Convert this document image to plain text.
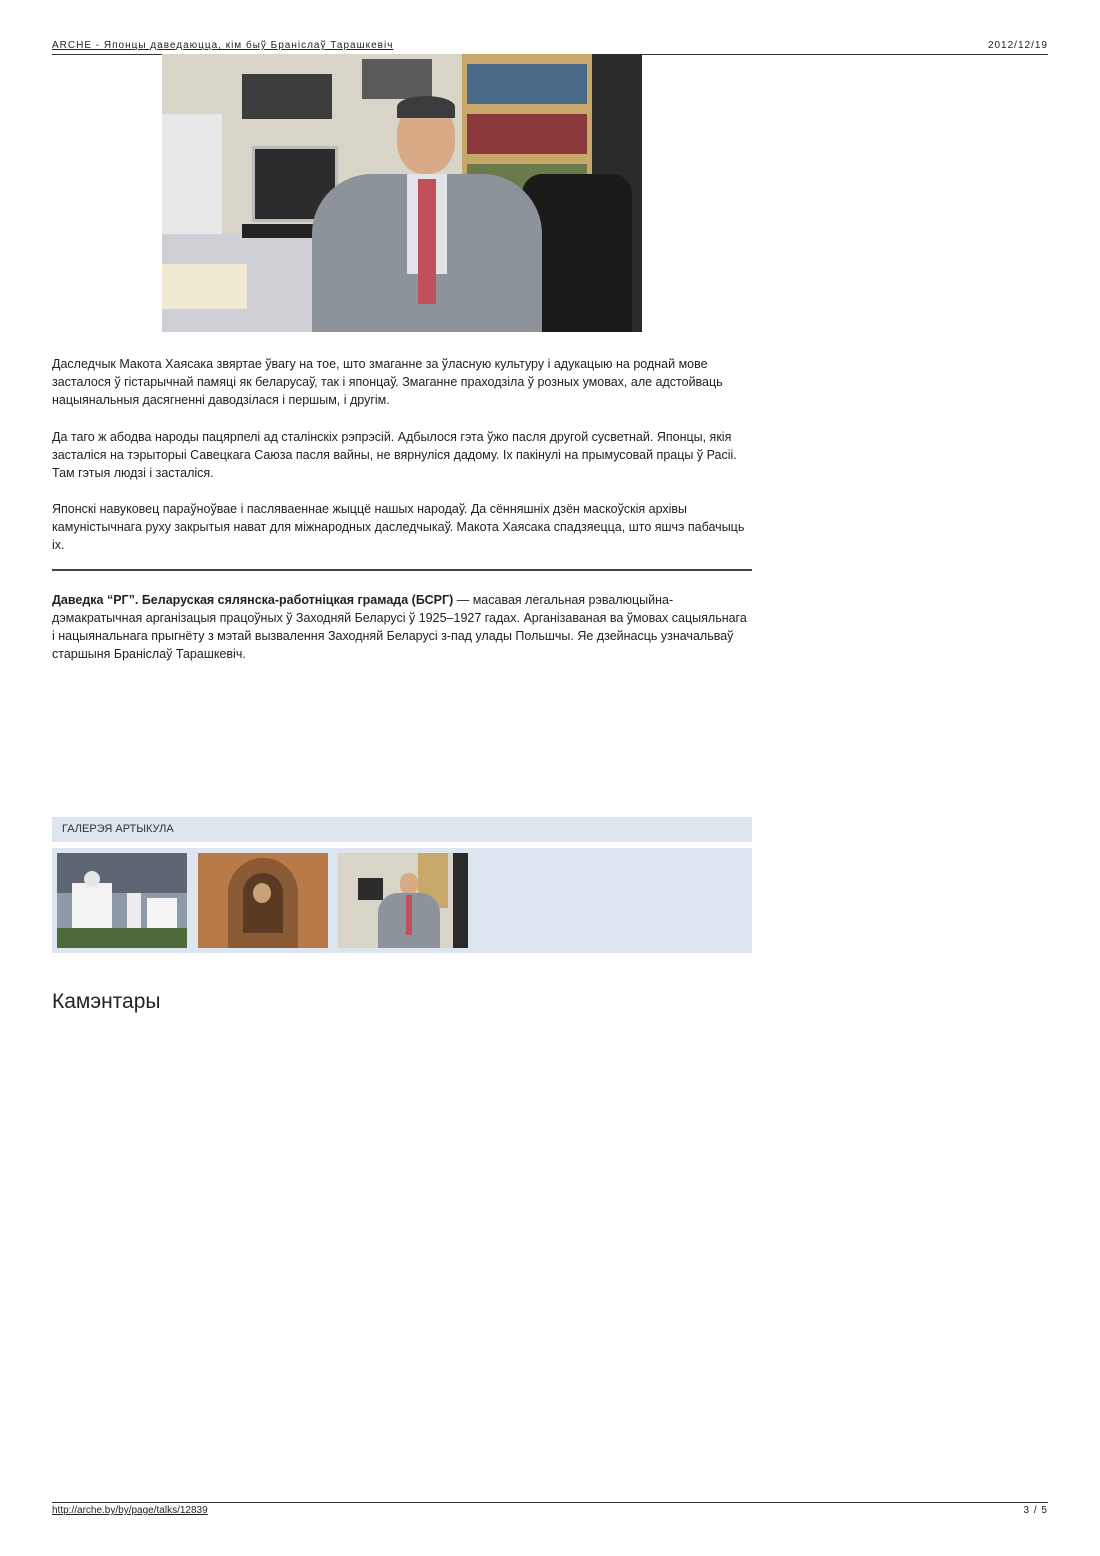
ARCHE - Японцы даведаюцца, кім быў Браніслаў Тарашкевіч	2012/12/19

Даследчык Макота Хаясака звяртае ўвагу на тое, што змаганне за ўласную культуру і адукацыю на роднай мове засталося ў гістарычнай памяці як беларусаў, так і японцаў. Змаганне праходзіла ў розных умовах, але адстойваць нацыянальныя дасягненні даводзілася і першым, і другім.

Да таго ж абодва народы пацярпелі ад сталінскіх рэпрэсій. Адбылося гэта ўжо пасля другой сусветнай. Японцы, якія засталіся на тэрыторыі Савецкага Саюза пасля вайны, не вярнуліся дадому. Іх пакінулі на прымусовай працы ў Расіі. Там гэтыя людзі і засталіся.

Японскі навуковец параўноўвае і пасляваеннае жыццё нашых народаў. Да сённяшніх дзён маскоўскія архівы камуністычнага руху закрытыя нават для міжнародных даследчыкаў. Макота Хаясака спадзяецца, што яшчэ пабачыць іх.

Даведка “РГ”. Беларуская сялянска-работніцкая грамада (БСРГ) — масавая легальная рэвалюцыйна-дэмакратычная арганізацыя працоўных ў Заходняй Беларусі ў 1925–1927 гадах. Арганізаваная ва ўмовах сацыяльнага і нацыянальнага прыгнёту з мэтай вызвалення Заходняй Беларусі з-пад улады Польшчы. Яе дзейнасць узначальваў старшыня Браніслаў Тарашкевіч.

ГАЛЕРЭЯ АРТЫКУЛА
Камэнтары
http://arche.by/by/page/talks/12839	3 / 5
